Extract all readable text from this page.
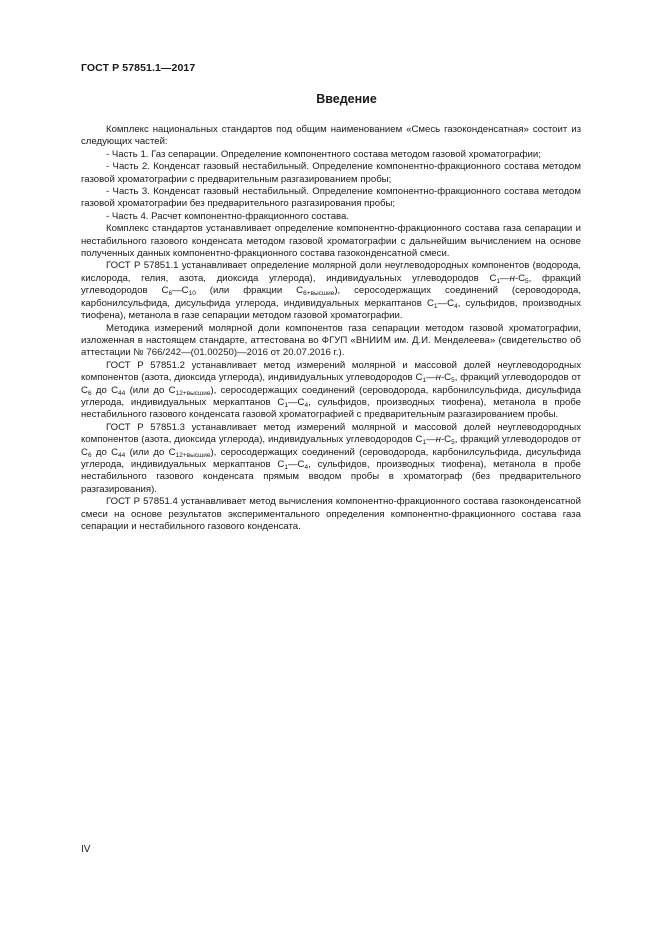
ГОСТ Р 57851.1—2017
Введение

Комплекс национальных стандартов под общим наименованием «Смесь газоконденсатная» состоит из следующих частей:

- Часть 1. Газ сепарации. Определение компонентного состава методом газовой хроматографии;

- Часть 2. Конденсат газовый нестабильный. Определение компонентно-фракционного состава методом газовой хроматографии с предварительным разгазированием пробы;

- Часть 3. Конденсат газовый нестабильный. Определение компонентно-фракционного состава методом газовой хроматографии без предварительного разгазирования пробы;

- Часть 4. Расчет компонентно-фракционного состава.

Комплекс стандартов устанавливает определение компонентно-фракционного состава газа сепарации и нестабильного газового конденсата методом газовой хроматографии с дальнейшим вычислением на основе полученных данных компонентно-фракционного состава газоконденсатной смеси.

ГОСТ Р 57851.1 устанавливает определение молярной доли неуглеводородных компонентов (водорода, кислорода, гелия, азота, диоксида углерода), индивидуальных углеводородов $C_1—н-C_5$, фракций углеводородов $C_6—C_{10}$ (или фракции $C_{6+высшие}$), серосодержащих соединений (сероводорода, карбонилсульфида, дисульфида углерода, индивидуальных меркаптанов $C_1—C_4$, сульфидов, производных тиофена), метанола в газе сепарации методом газовой хроматографии.

Методика измерений молярной доли компонентов газа сепарации методом газовой хроматографии, изложенная в настоящем стандарте, аттестована во ФГУП «ВНИИМ им. Д.И. Менделеева» (свидетельство об аттестации № 766/242—(01.00250)—2016 от 20.07.2016 г.).

ГОСТ Р 57851.2 устанавливает метод измерений молярной и массовой долей неуглеводородных компонентов (азота, диоксида углерода), индивидуальных углеводородов $C_1—н-C_5$, фракций углеводородов от $C_6$ до $C_{44}$ (или до $C_{12+высшие}$), серосодержащих соединений (сероводорода, карбонилсульфида, дисульфида углерода, индивидуальных меркаптанов $C_1—C_4$, сульфидов, производных тиофена), метанола в пробе нестабильного газового конденсата газовой хроматографией с предварительным разгазированием пробы.

ГОСТ Р 57851.3 устанавливает метод измерений молярной и массовой долей неуглеводородных компонентов (азота, диоксида углерода), индивидуальных углеводородов $C_1—н-C_5$, фракций углеводородов от $C_6$ до $C_{44}$ (или до $C_{12+высшие}$), серосодержащих соединений (сероводорода, карбонилсульфида, дисульфида углерода, индивидуальных меркаптанов $C_1—C_4$, сульфидов, производных тиофена), метанола в пробе нестабильного газового конденсата прямым вводом пробы в хроматограф (без предварительного разгазирования).

ГОСТ Р 57851.4 устанавливает метод вычисления компонентно-фракционного состава газоконденсатной смеси на основе результатов экспериментального определения компонентно-фракционного состава газа сепарации и нестабильного газового конденсата.

IV
